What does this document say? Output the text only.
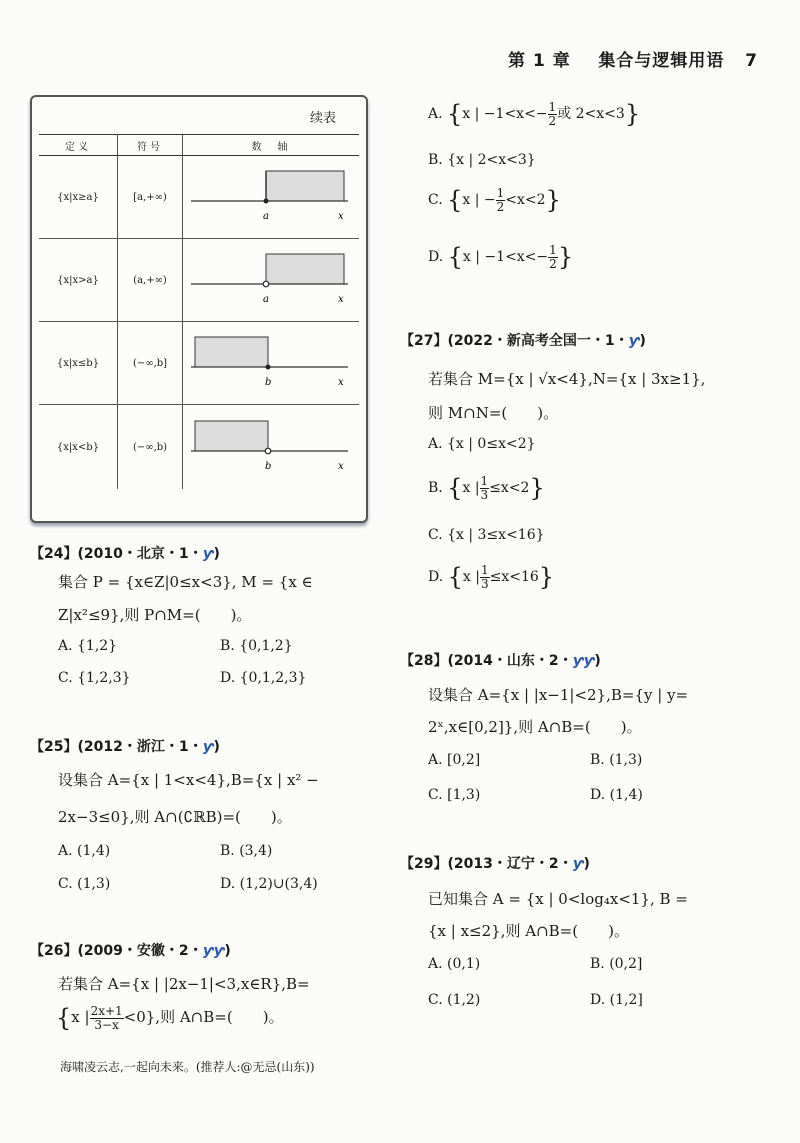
第 1 章 集合与逻辑用语 7
续表
定义	符号	数　轴
{x|x≥a}	[a,+∞)	a x

{x|x>a}	(a,+∞)	a x

{x|x≤b}	(−∞,b]	b x

{x|x<b}	(−∞,b)	b x
A. {x | $-1<x<- \frac{1}{2}$ 或 2<x<3}
B. {x | 2<x<3}
C. {x | − $\frac{1}{2} <x<2$}
D. {x | $-1<x<- \frac{1}{2}$ }
【27】(2022・新高考全国一・1・ƴ)
若集合 M={x | √x<4},N={x | 3x≥1},
则 M∩N=(　　)。
A. {x | 0≤x<2}
B. {x | $\frac{1}{3} \le x<2$}
C. {x | 3≤x<16}
D. {x | $\frac{1}{3} \le x<16$}
【28】(2014・山东・2・ƴƴ)
设集合 A={x | |x−1|<2},B={y | y=
2ˣ,x∈[0,2]},则 A∩B=(　　)。
A. [0,2]	B. (1,3)
C. [1,3)	D. (1,4)
【29】(2013・辽宁・2・ƴ)
已知集合 A = {x | 0<log₄x<1}, B =
{x | x≤2},则 A∩B=(　　)。
A. (0,1)	B. (0,2]
C. (1,2)	D. (1,2]
【24】(2010・北京・1・ƴ)
集合 P = {x∈Z|0≤x<3}, M = {x ∈
Z|x²≤9},则 P∩M=(　　)。
A. {1,2}	B. {0,1,2}
C. {1,2,3}	D. {0,1,2,3}
【25】(2012・浙江・1・ƴ)
设集合 A={x | 1<x<4},B={x | x² −
2x−3≤0},则 A∩(∁ℝB)=(　　)。
A. (1,4)	B. (3,4)
C. (1,3)	D. (1,2)∪(3,4)
【26】(2009・安徽・2・ƴƴ)
若集合 A={x | |2x−1|<3,x∈R},B=
{x | $\frac{2x+1}{3-x} <0$},则 A∩B=(　　)。
海啸凌云志,一起向未来。(推荐人:@无忌(山东))
